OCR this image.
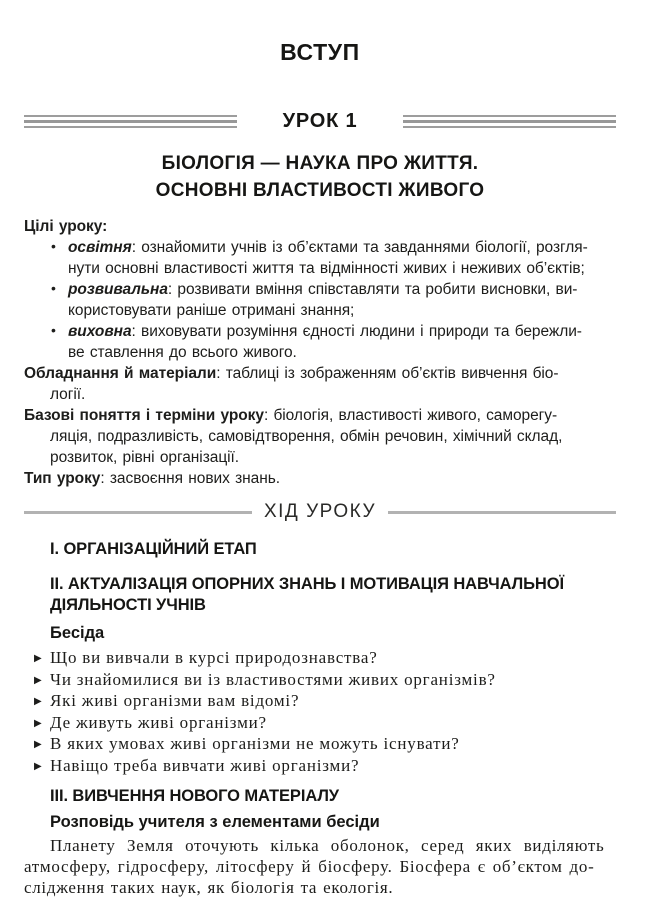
ВСТУП
УРОК 1
БІОЛОГІЯ — НАУКА ПРО ЖИТТЯ.
ОСНОВНІ ВЛАСТИВОСТІ ЖИВОГО
Цілі уроку:
• освітня: ознайомити учнів із об’єктами та завданнями біології, розгля-
нути основні властивості життя та відмінності живих і неживих об’єктів;
• розвивальна: розвивати вміння співставляти та робити висновки, ви-
користовувати раніше отримані знання;
• виховна: виховувати розуміння єдності людини і природи та бережли-
ве ставлення до всього живого.
Обладнання й матеріали: таблиці із зображенням об’єктів вивчення біо-
логії.
Базові поняття і терміни уроку: біологія, властивості живого, саморегу-
ляція, подразливість, самовідтворення, обмін речовин, хімічний склад,
розвиток, рівні організації.
Тип уроку: засвоєння нових знань.
ХІД УРОКУ
I. ОРГАНІЗАЦІЙНИЙ ЕТАП
II. АКТУАЛІЗАЦІЯ ОПОРНИХ ЗНАНЬ І МОТИВАЦІЯ НАВЧАЛЬНОЇ
ДІЯЛЬНОСТІ УЧНІВ
Бесіда
▶ Що ви вивчали в курсі природознавства?
▶ Чи знайомилися ви із властивостями живих організмів?
▶ Які живі організми вам відомі?
▶ Де живуть живі організми?
▶ В яких умовах живі організми не можуть існувати?
▶ Навіщо треба вивчати живі організми?
III. ВИВЧЕННЯ НОВОГО МАТЕРІАЛУ
Розповідь учителя з елементами бесіди
Планету Земля оточують кілька оболонок, серед яких виділяють
атмосферу, гідросферу, літосферу й біосферу. Біосфера є об’єктом до-
слідження таких наук, як біологія та екологія.
